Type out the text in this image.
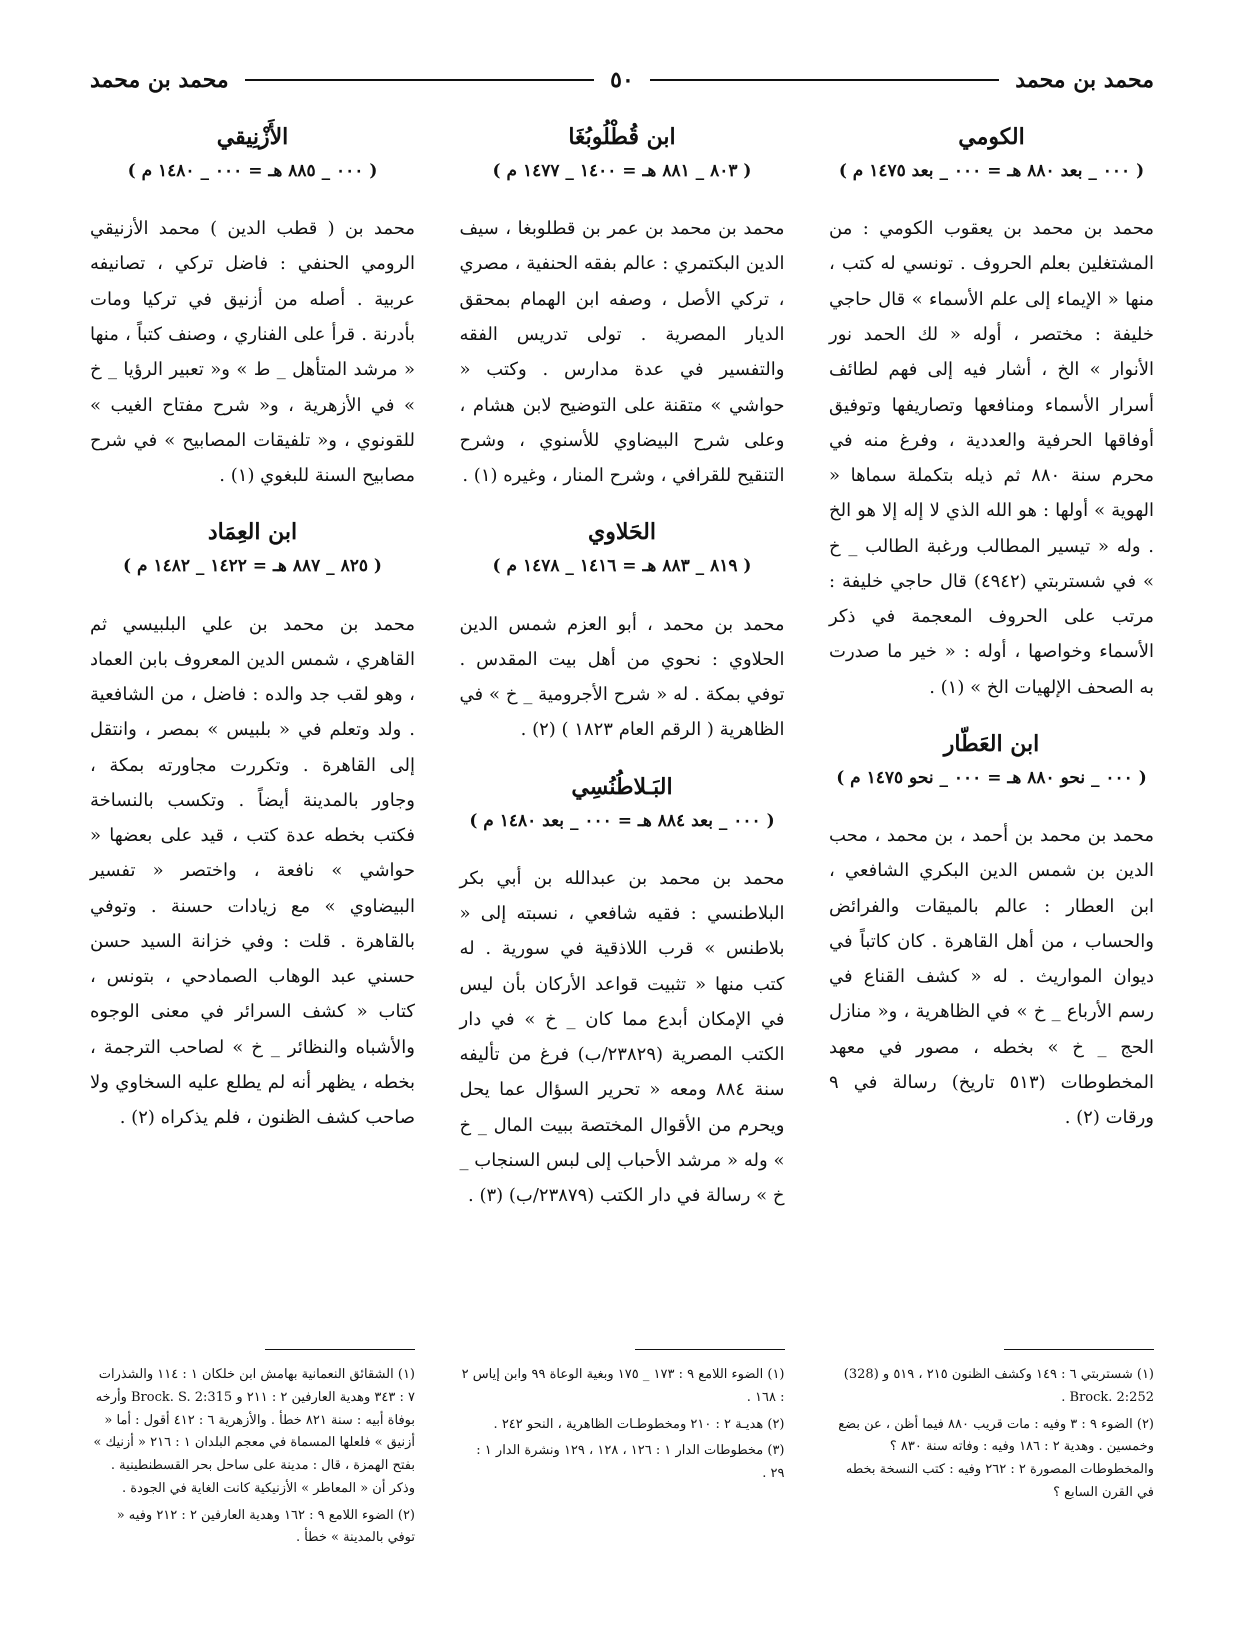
محمد بن محمد
٥٠
محمد بن محمد
الكومي
( ٠٠٠ _ بعد ٨٨٠ هـ = ٠٠٠ _ بعد ١٤٧٥ م )
محمد بن محمد بن يعقوب الكومي : من المشتغلين بعلم الحروف . تونسي له كتب ، منها « الإيماء إلى علم الأسماء » قال حاجي خليفة : مختصر ، أوله « لك الحمد نور الأنوار » الخ ، أشار فيه إلى فهم لطائف أسرار الأسماء ومنافعها وتصاريفها وتوفيق أوفاقها الحرفية والعددية ، وفرغ منه في محرم سنة ٨٨٠ ثم ذيله بتكملة سماها « الهوية » أولها : هو الله الذي لا إله إلا هو الخ . وله « تيسير المطالب ورغبة الطالب _ خ » في شستربتي (٤٩٤٢) قال حاجي خليفة : مرتب على الحروف المعجمة في ذكر الأسماء وخواصها ، أوله : « خير ما صدرت به الصحف الإلهيات الخ » (١) .
ابن العَطّار
( ٠٠٠ _ نحو ٨٨٠ هـ = ٠٠٠ _ نحو ١٤٧٥ م )
محمد بن محمد بن أحمد ، بن محمد ، محب الدين بن شمس الدين البكري الشافعي ، ابن العطار : عالم بالميقات والفرائض والحساب ، من أهل القاهرة . كان كاتباً في ديوان المواريث . له « كشف القناع في رسم الأرباع _ خ » في الظاهرية ، و« منازل الحج _ خ » بخطه ، مصور في معهد المخطوطات (٥١٣ تاريخ) رسالة في ٩ ورقات (٢) .
ابن قُطْلُوبُغَا
( ٨٠٣ _ ٨٨١ هـ = ١٤٠٠ _ ١٤٧٧ م )
محمد بن محمد بن عمر بن قطلوبغا ، سيف الدين البكتمري : عالم بفقه الحنفية ، مصري ، تركي الأصل ، وصفه ابن الهمام بمحقق الديار المصرية . تولى تدريس الفقه والتفسير في عدة مدارس . وكتب « حواشي » متقنة على التوضيح لابن هشام ، وعلى شرح البيضاوي للأسنوي ، وشرح التنقيح للقرافي ، وشرح المنار ، وغيره (١) .
الحَلاوي
( ٨١٩ _ ٨٨٣ هـ = ١٤١٦ _ ١٤٧٨ م )
محمد بن محمد ، أبو العزم شمس الدين الحلاوي : نحوي من أهل بيت المقدس . توفي بمكة . له « شرح الأجرومية _ خ » في الظاهرية ( الرقم العام ١٨٢٣ ) (٢) .
البَـلاطُنُسِي
( ٠٠٠ _ بعد ٨٨٤ هـ = ٠٠٠ _ بعد ١٤٨٠ م )
محمد بن محمد بن عبدالله بن أبي بكر البلاطنسي : فقيه شافعي ، نسبته إلى « بلاطنس » قرب اللاذقية في سورية . له كتب منها « تثبيت قواعد الأركان بأن ليس في الإمكان أبدع مما كان _ خ » في دار الكتب المصرية (٢٣٨٢٩/ب) فرغ من تأليفه سنة ٨٨٤ ومعه « تحرير السؤال عما يحل ويحرم من الأقوال المختصة ببيت المال _ خ » وله « مرشد الأحباب إلى لبس السنجاب _ خ » رسالة في دار الكتب (٢٣٨٧٩/ب) (٣) .
الأَزْنِيقي
( ٠٠٠ _ ٨٨٥ هـ = ٠٠٠ _ ١٤٨٠ م )
محمد بن ( قطب الدين ) محمد الأزنيقي الرومي الحنفي : فاضل تركي ، تصانيفه عربية . أصله من أزنيق في تركيا ومات بأدرنة . قرأ على الفناري ، وصنف كتباً ، منها « مرشد المتأهل _ ط » و« تعبير الرؤيا _ خ » في الأزهرية ، و« شرح مفتاح الغيب » للقونوي ، و« تلفيقات المصابيح » في شرح مصابيح السنة للبغوي (١) .
ابن العِمَاد
( ٨٢٥ _ ٨٨٧ هـ = ١٤٢٢ _ ١٤٨٢ م )
محمد بن محمد بن علي البلبيسي ثم القاهري ، شمس الدين المعروف بابن العماد ، وهو لقب جد والده : فاضل ، من الشافعية . ولد وتعلم في « بلبيس » بمصر ، وانتقل إلى القاهرة . وتكررت مجاورته بمكة ، وجاور بالمدينة أيضاً . وتكسب بالنساخة فكتب بخطه عدة كتب ، قيد على بعضها « حواشي » نافعة ، واختصر « تفسير البيضاوي » مع زيادات حسنة . وتوفي بالقاهرة . قلت : وفي خزانة السيد حسن حسني عبد الوهاب الصمادحي ، بتونس ، كتاب « كشف السرائر في معنى الوجوه والأشباه والنظائر _ خ » لصاحب الترجمة ، بخطه ، يظهر أنه لم يطلع عليه السخاوي ولا صاحب كشف الظنون ، فلم يذكراه (٢) .

(١) شستربتي ٦ : ١٤٩ وكشف الظنون ٢١٥ ، ٥١٩ و (328) Brock. 2:252 .

(٢) الضوء ٩ : ٣ وفيه : مات قريب ٨٨٠ فيما أظن ، عن بضع وخمسين . وهدية ٢ : ١٨٦ وفيه : وفاته سنة ٨٣٠ ؟ والمخطوطات المصورة ٢ : ٢٦٢ وفيه : كتب النسخة بخطه في القرن السابع ؟

(١) الضوء اللامع ٩ : ١٧٣ _ ١٧٥ وبغية الوعاة ٩٩ وابن إياس ٢ : ١٦٨ .

(٢) هديـة ٢ : ٢١٠ ومخطوطـات الظاهرية ، النحو ٢٤٢ .

(٣) مخطوطات الدار ١ : ١٢٦ ، ١٢٨ ، ١٢٩ ونشرة الدار ١ : ٢٩ .

(١) الشقائق النعمانية بهامش ابن خلكان ١ : ١١٤ والشذرات ٧ : ٣٤٣ وهدية العارفين ٢ : ٢١١ و Brock. S. 2:315 وأرخه بوفاة أبيه : سنة ٨٢١ خطأ . والأزهرية ٦ : ٤١٢ أقول : أما « أزنيق » فلعلها المسماة في معجم البلدان ١ : ٢١٦ « أزنيك » بفتح الهمزة ، قال : مدينة على ساحل بحر القسطنطينية . وذكر أن « المعاطر » الأزنيكية كانت الغاية في الجودة .

(٢) الضوء اللامع ٩ : ١٦٢ وهدية العارفين ٢ : ٢١٢ وفيه « توفي بالمدينة » خطأ .
